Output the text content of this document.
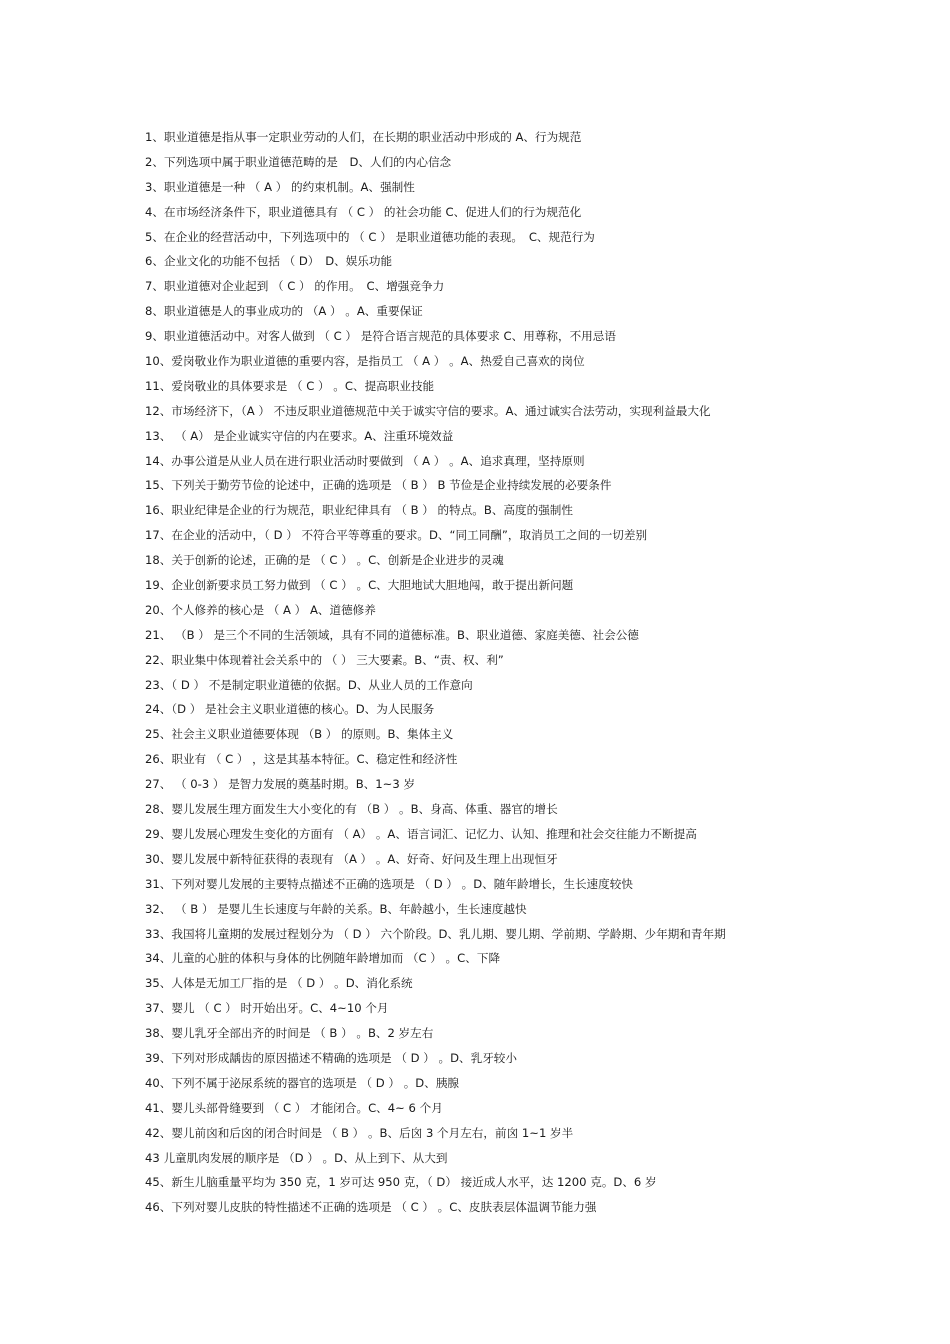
1、职业道德是指从事一定职业劳动的人们，在长期的职业活动中形成的 A、行为规范
2、下列选项中属于职业道德范畴的是　D、人们的内心信念
3、职业道德是一种 （ A ） 的约束机制。A、强制性
4、在市场经济条件下，职业道德具有 （ C ） 的社会功能 C、促进人们的行为规范化
5、在企业的经营活动中，下列选项中的 （ C ） 是职业道德功能的表现。　C、规范行为
6、企业文化的功能不包括 （ D）　D、娱乐功能
7、职业道德对企业起到 （ C ） 的作用。　C、增强竞争力
8、职业道德是人的事业成功的 （A ） 。A、重要保证
9、职业道德活动中。对客人做到 （ C ） 是符合语言规范的具体要求 C、用尊称，不用忌语
10、爱岗敬业作为职业道德的重要内容，是指员工 （ A ） 。A、热爱自己喜欢的岗位
11、爱岗敬业的具体要求是 （ C ） 。C、提高职业技能
12、市场经济下，（A ） 不违反职业道德规范中关于诚实守信的要求。A、通过诚实合法劳动，实现利益最大化
13、 （ A） 是企业诚实守信的内在要求。A、注重环境效益
14、办事公道是从业人员在进行职业活动时要做到 （ A ） 。A、追求真理，坚持原则
15、下列关于勤劳节俭的论述中，正确的选项是 （ B ） B 节俭是企业持续发展的必要条件
16、职业纪律是企业的行为规范，职业纪律具有 （ B ） 的特点。B、高度的强制性
17、在企业的活动中，（ D ） 不符合平等尊重的要求。D、“同工同酬”，取消员工之间的一切差别
18、关于创新的论述，正确的是 （ C ） 。C、创新是企业进步的灵魂
19、企业创新要求员工努力做到 （ C ） 。C、大胆地试大胆地闯，敢于提出新问题
20、个人修养的核心是 （ A ） A、道德修养
21、 （B ） 是三个不同的生活领域，具有不同的道德标准。B、职业道德、家庭美德、社会公德
22、职业集中体现着社会关系中的 （ ） 三大要素。B、“责、权、利”
23、（ D ） 不是制定职业道德的依据。D、从业人员的工作意向
24、（D ） 是社会主义职业道德的核心。D、为人民服务
25、社会主义职业道德要体现 （B ） 的原则。B、集体主义
26、职业有 （ C ） ，这是其基本特征。C、稳定性和经济性
27、 （ 0-3 ） 是智力发展的奠基时期。B、1~3 岁
28、婴儿发展生理方面发生大小变化的有 （B ） 。B、身高、体重、器官的增长
29、婴儿发展心理发生变化的方面有 （ A） 。A、语言词汇、记忆力、认知、推理和社会交往能力不断提高
30、婴儿发展中新特征获得的表现有 （A ） 。A、好奇、好问及生理上出现恒牙
31、下列对婴儿发展的主要特点描述不正确的选项是 （ D ） 。D、随年龄增长，生长速度较快
32、 （ B ） 是婴儿生长速度与年龄的关系。B、年龄越小，生长速度越快
33、我国将儿童期的发展过程划分为 （ D ） 六个阶段。D、乳儿期、婴儿期、学前期、学龄期、少年期和青年期
34、儿童的心脏的体积与身体的比例随年龄增加而 （C ） 。C、下降
35、人体是无加工厂指的是 （ D ） 。D、消化系统
37、婴儿 （ C ） 时开始出牙。C、4~10 个月
38、婴儿乳牙全部出齐的时间是 （ B ） 。B、2 岁左右
39、下列对形成龋齿的原因描述不精确的选项是 （ D ） 。D、乳牙较小
40、下列不属于泌尿系统的器官的选项是 （ D ） 。D、胰腺
41、婴儿头部骨缝要到 （ C ） 才能闭合。C、4~ 6 个月
42、婴儿前囟和后囟的闭合时间是 （ B ） 。B、后囟 3 个月左右，前囟 1~1 岁半
43 儿童肌肉发展的顺序是 （D ） 。D、从上到下、从大到
45、新生儿脑重量平均为 350 克，1 岁可达 950 克，（ D） 接近成人水平，达 1200 克。D、6 岁
46、下列对婴儿皮肤的特性描述不正确的选项是 （ C ） 。C、皮肤表层体温调节能力强
